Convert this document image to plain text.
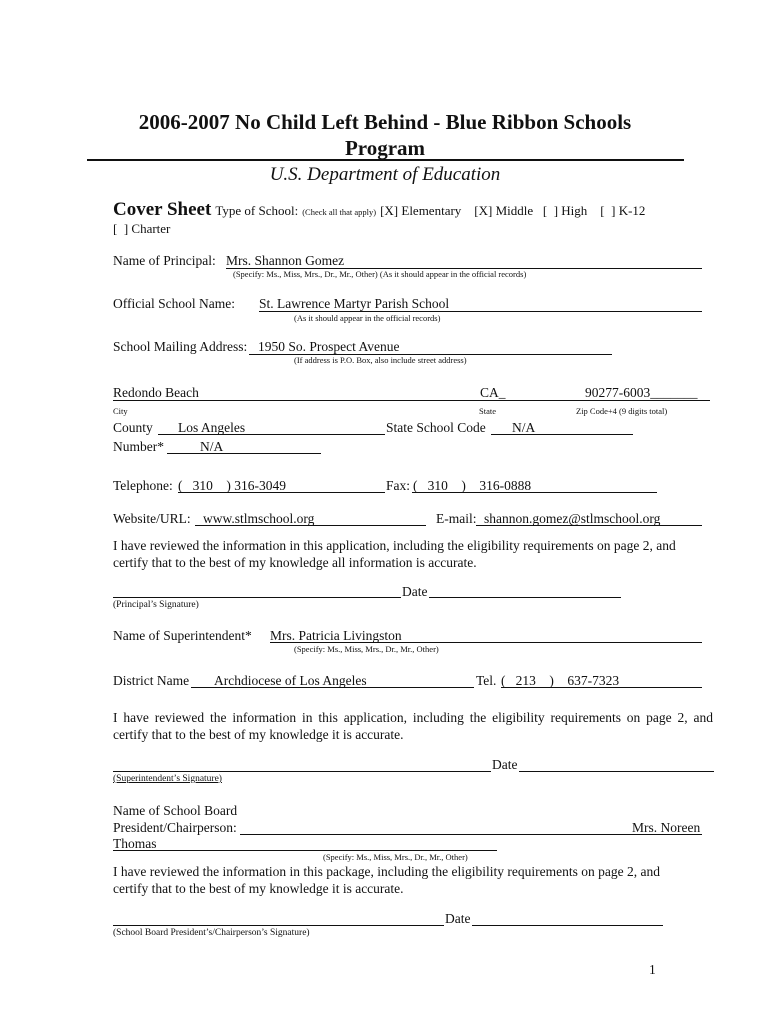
2006-2007 No Child Left Behind - Blue Ribbon Schools
Program
U.S. Department of Education
Cover Sheet Type of School: (Check all that apply) [X] Elementary    [X] Middle   [  ] High    [  ] K-12
[  ] Charter
Name of Principal: Mrs. Shannon Gomez
(Specify: Ms., Miss, Mrs., Dr., Mr., Other) (As it should appear in the official records)
Official School Name: St. Lawrence Martyr Parish School
(As it should appear in the official records)
School Mailing Address: 1950 So. Prospect Avenue
(If address is P.O. Box, also include street address)
Redondo Beach	CA_	90277-6003_______
City	State	Zip Code+4 (9 digits total)
County Los Angeles	State School Code N/A
Number*	N/A
Telephone: (   310    ) 316-3049	Fax: (   310    )    316-0888
Website/URL: www.stlmschool.org	E-mail: shannon.gomez@stlmschool.org
I have reviewed the information in this application, including the eligibility requirements on page 2, and certify that to the best of my knowledge all information is accurate.
Date
(Principal’s Signature)
Name of Superintendent* Mrs. Patricia Livingston
(Specify: Ms., Miss, Mrs., Dr., Mr., Other)
District Name Archdiocese of Los Angeles	Tel. (   213    )    637-7323
I have reviewed the information in this application, including the eligibility requirements on page 2, and certify that to the best of my knowledge it is accurate.
Date
(Superintendent’s Signature)
Name of School Board
President/Chairperson:	Mrs. Noreen
Thomas
(Specify: Ms., Miss, Mrs., Dr., Mr., Other)
I have reviewed the information in this package, including the eligibility requirements on page 2, and certify that to the best of my knowledge it is accurate.
Date
(School Board President’s/Chairperson’s Signature)
1
